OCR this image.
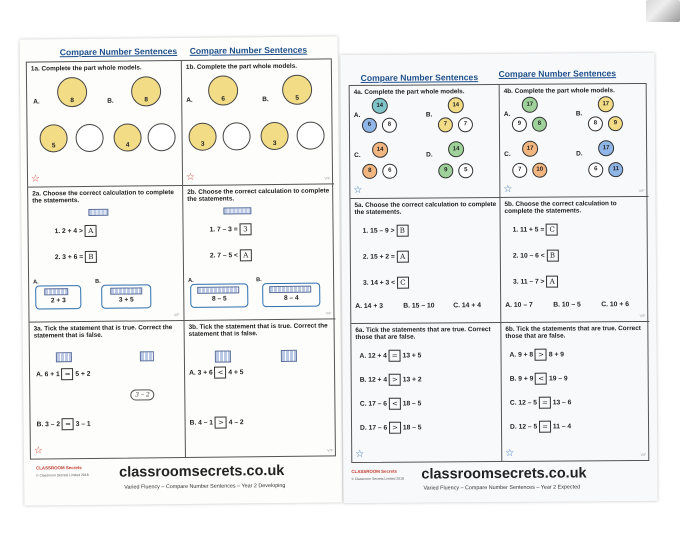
Compare Number Sentences Compare Number Sentences
1a. Complete the part whole models.
A.	8
5
B.	8
4
☆
1b. Complete the part whole models.
A.	6
3
B.	5
3
☆	V/F
2a. Choose the correct calculation to complete the statements.
1. 2 + 4 > A
2. 3 + 6 = B
A.
2 + 3
B.
3 + 5
V/F
2b. Choose the correct calculation to complete the statements.
1. 7 – 3 = 3
2. 7 – 5 < A
A.
8 – 5
B.
8 – 4
V/F
3a. Tick the statement that is true. Correct the statement that is false.
A. 6 + 1 = 5 + 2
3 – 2
B. 3 – 2 = 3 – 1
☆
3b. Tick the statement that is true. Correct the statement that is false.
A. 3 + 6 < 4 + 5
B. 4 – 1 > 4 – 2
V/F
CLASSROOM Secrets
© Classroom Secrets Limited 2018 classroomsecrets.co.uk
Varied Fluency – Compare Number Sentences – Year 2 Developing
Compare Number Sentences Compare Number Sentences
4a. Complete the part whole models.
A.
14
6	8
B.
14
7	7
C.
14
8	6
D.
14
9	5
☆
4b. Complete the part whole models.
A.
17
9	8
B.
17
8	9
C.
17
7	10
D.
17
6	11
☆	V/F
5a. Choose the correct calculation to complete the statements.
1. 15 – 9 > B
2. 15 + 2 = A
3. 14 + 3 < C
A. 14 + 3	B. 15 – 10	C. 14 + 4
5b. Choose the correct calculation to complete the statements.
1. 11 + 5 = C
2. 10 – 6 < B
3. 11 – 7 > A
A. 10 – 7	B. 10 – 5	C. 10 + 6
V/F
6a. Tick the statements that are true. Correct those that are false.
A. 12 + 4 = 13 + 5
B. 12 + 4 > 13 + 2
C. 17 – 6 < 18 – 5
D. 17 – 6 > 18 – 5
☆
6b. Tick the statements that are true. Correct those that are false.
A. 9 + 8 > 8 + 9
B. 9 + 9 < 19 – 9
C. 12 – 5 = 13 – 6
D. 12 – 5 = 11 – 4
☆	V/F
CLASSROOM Secrets
© Classroom Secrets Limited 2018 classroomsecrets.co.uk
Varied Fluency – Compare Number Sentences – Year 2 Expected
